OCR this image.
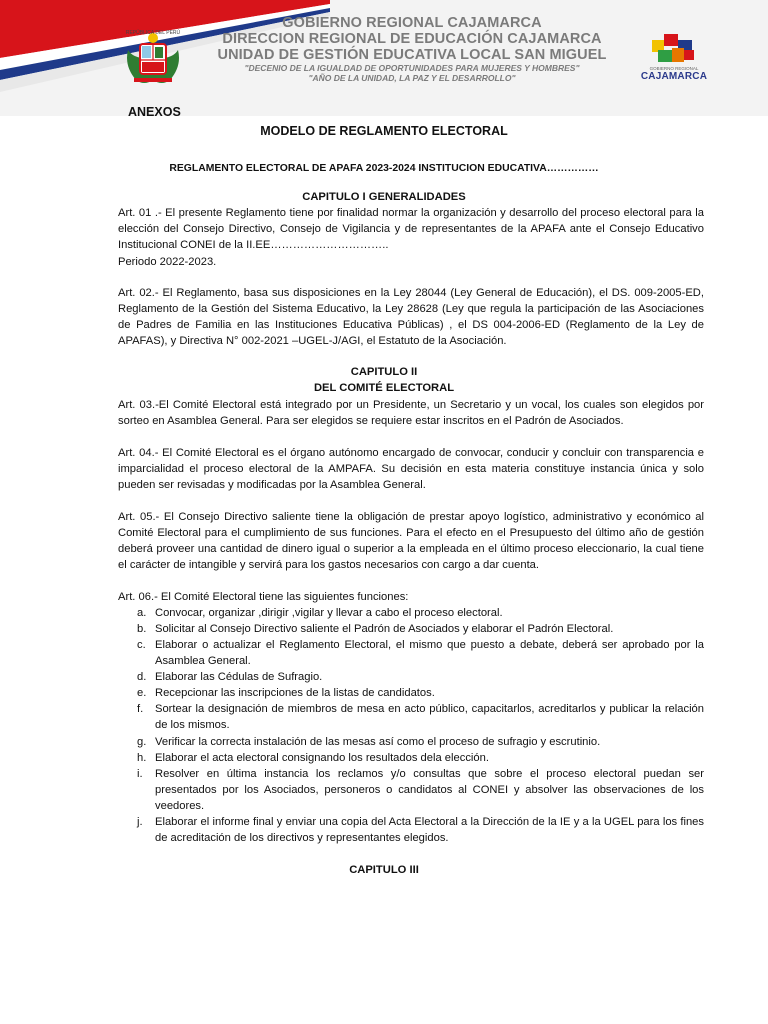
REPÚBLICA DEL PERÚ
GOBIERNO REGIONAL CAJAMARCA
DIRECCION REGIONAL DE EDUCACIÓN CAJAMARCA
UNIDAD DE GESTIÓN EDUCATIVA LOCAL SAN MIGUEL
"DECENIO DE LA IGUALDAD DE OPORTUNIDADES PARA MUJERES Y HOMBRES"
"AÑO DE LA UNIDAD, LA PAZ Y EL DESARROLLO"
GOBIERNO REGIONAL
CAJAMARCA
ANEXOS
MODELO DE REGLAMENTO ELECTORAL
REGLAMENTO ELECTORAL DE APAFA 2023-2024 INSTITUCION EDUCATIVA……………
CAPITULO I GENERALIDADES
Art. 01 .- El presente Reglamento tiene por finalidad normar la organización y desarrollo del proceso electoral para la elección del Consejo Directivo, Consejo de Vigilancia y de representantes de la APAFA ante el Consejo Educativo Institucional CONEI de la II.EE…………………………..
Periodo 2022-2023.
Art. 02.- El Reglamento, basa sus disposiciones en la Ley 28044 (Ley General de Educación), el DS. 009-2005-ED, Reglamento de la Gestión del Sistema Educativo, la Ley 28628 (Ley que regula la participación de las Asociaciones de Padres de Familia en las Instituciones Educativa Públicas) , el DS 004-2006-ED (Reglamento de la Ley de APAFAS), y Directiva N° 002-2021 –UGEL-J/AGI, el Estatuto de la Asociación.
CAPITULO II
DEL COMITÉ ELECTORAL
Art. 03.-El Comité Electoral está integrado por un Presidente, un Secretario y un vocal, los cuales son elegidos por sorteo en Asamblea General. Para ser elegidos se requiere estar inscritos en el Padrón de Asociados.
Art. 04.- El Comité Electoral es el órgano autónomo encargado de convocar, conducir y concluir con transparencia e imparcialidad el proceso electoral de la AMPAFA. Su decisión en esta materia constituye instancia única y solo pueden ser revisadas y modificadas por la Asamblea General.
Art. 05.- El Consejo Directivo saliente tiene la obligación de prestar apoyo logístico, administrativo y económico al Comité Electoral para el cumplimiento de sus funciones. Para el efecto en el Presupuesto del último año de gestión deberá proveer una cantidad de dinero igual o superior a la empleada en el último proceso eleccionario, la cual tiene el carácter de intangible y servirá para los gastos necesarios con cargo a dar cuenta.
Art. 06.- El Comité Electoral tiene las siguientes funciones:
a. Convocar, organizar ,dirigir ,vigilar y llevar a cabo el proceso electoral.
b. Solicitar al Consejo Directivo saliente el Padrón de Asociados y elaborar el Padrón Electoral.
c. Elaborar o actualizar el Reglamento Electoral, el mismo que puesto a debate, deberá ser aprobado por la Asamblea General.
d. Elaborar las Cédulas de Sufragio.
e. Recepcionar las inscripciones de la listas de candidatos.
f.	Sortear la designación de miembros de mesa en acto público, capacitarlos, acreditarlos y publicar la relación de los mismos.
g. Verificar la correcta instalación de las mesas así como el proceso de sufragio y escrutinio.
h. Elaborar el acta electoral consignando los resultados dela elección.
i.	Resolver en última instancia los reclamos y/o consultas que sobre el proceso electoral puedan ser presentados por los Asociados, personeros o candidatos al CONEI y absolver las observaciones de los veedores.
j.	Elaborar el informe final y enviar una copia del Acta Electoral a la Dirección de la IE y a la UGEL para los fines de acreditación de los directivos y representantes elegidos.
CAPITULO III
